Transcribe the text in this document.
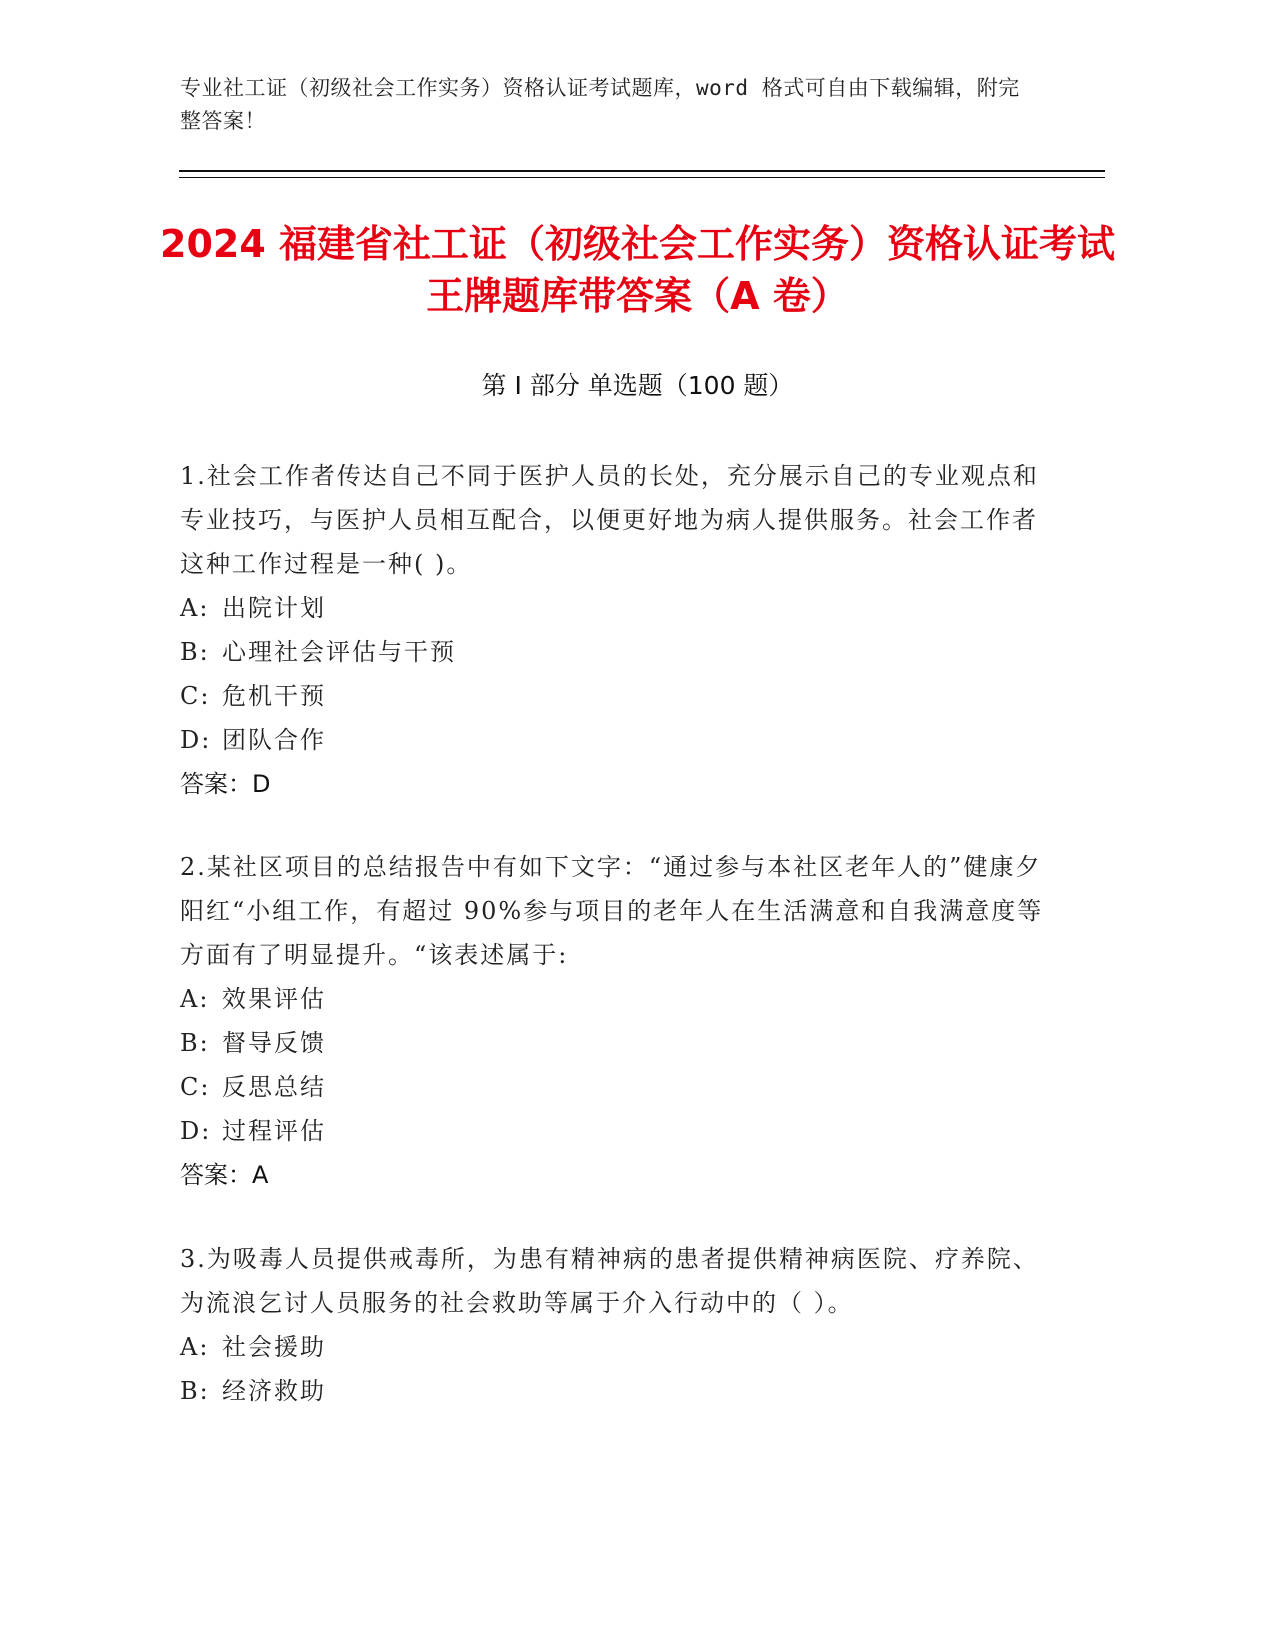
专业社工证（初级社会工作实务）资格认证考试题库，word 格式可自由下载编辑，附完整答案！
2024 福建省社工证（初级社会工作实务）资格认证考试王牌题库带答案（A 卷）
第 I 部分 单选题（100 题）
1.社会工作者传达自己不同于医护人员的长处，充分展示自己的专业观点和专业技巧，与医护人员相互配合，以便更好地为病人提供服务。社会工作者这种工作过程是一种( )。
A: 出院计划
B: 心理社会评估与干预
C: 危机干预
D: 团队合作
答案：D
2.某社区项目的总结报告中有如下文字：“通过参与本社区老年人的”健康夕阳红“小组工作，有超过 90%参与项目的老年人在生活满意和自我满意度等方面有了明显提升。“该表述属于:
A: 效果评估
B: 督导反馈
C: 反思总结
D: 过程评估
答案：A
3.为吸毒人员提供戒毒所，为患有精神病的患者提供精神病医院、疗养院、为流浪乞讨人员服务的社会救助等属于介入行动中的（ ）。
A: 社会援助
B: 经济救助
